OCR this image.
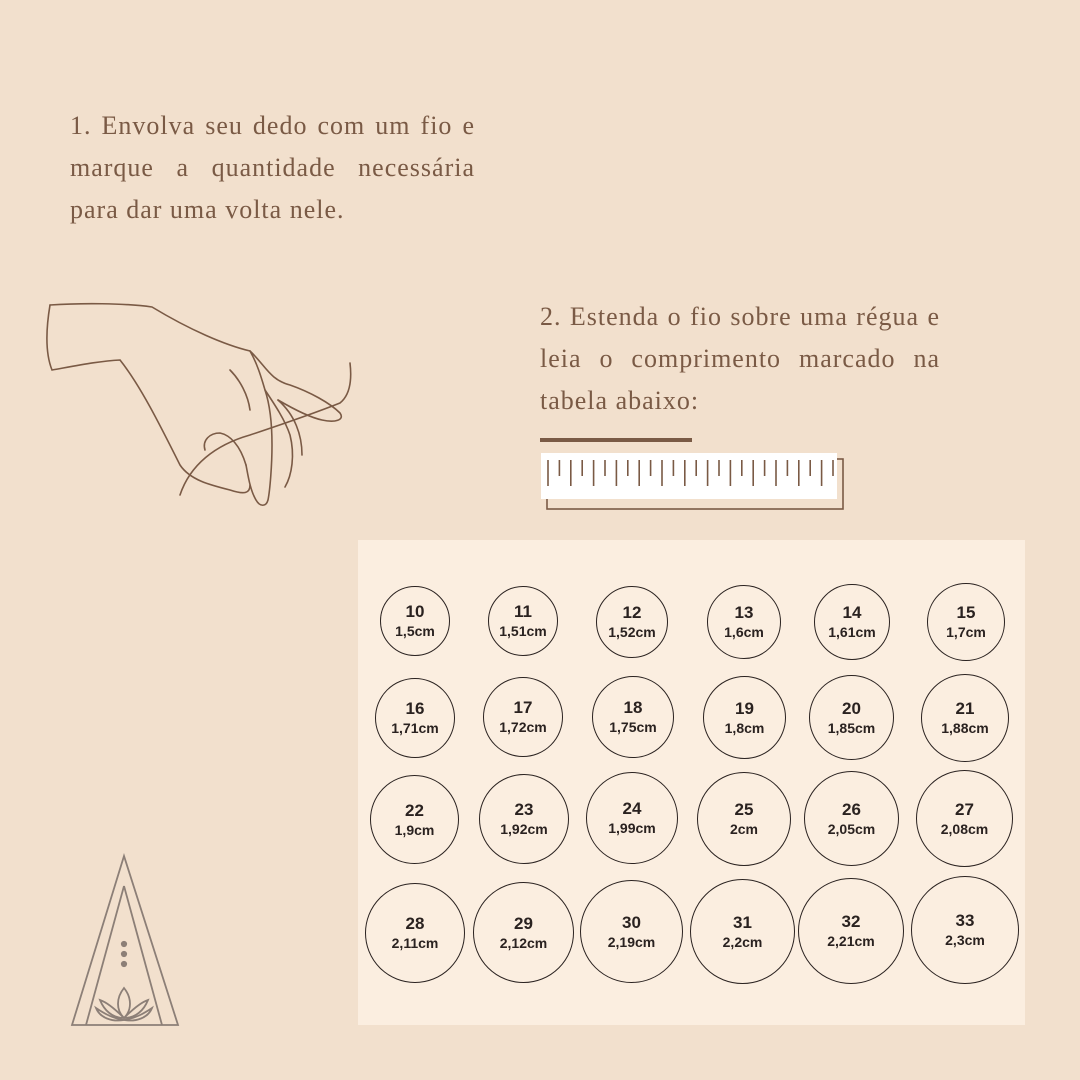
1. Envolva seu dedo com um fio e marque a quantidade necessária para dar uma volta nele.
2. Estenda o fio sobre uma régua e leia o comprimento marcado na tabela abaixo:
10
1,5cm
11
1,51cm
12
1,52cm
13
1,6cm
14
1,61cm
15
1,7cm
16
1,71cm
17
1,72cm
18
1,75cm
19
1,8cm
20
1,85cm
21
1,88cm
22
1,9cm
23
1,92cm
24
1,99cm
25
2cm
26
2,05cm
27
2,08cm
28
2,11cm
29
2,12cm
30
2,19cm
31
2,2cm
32
2,21cm
33
2,3cm
